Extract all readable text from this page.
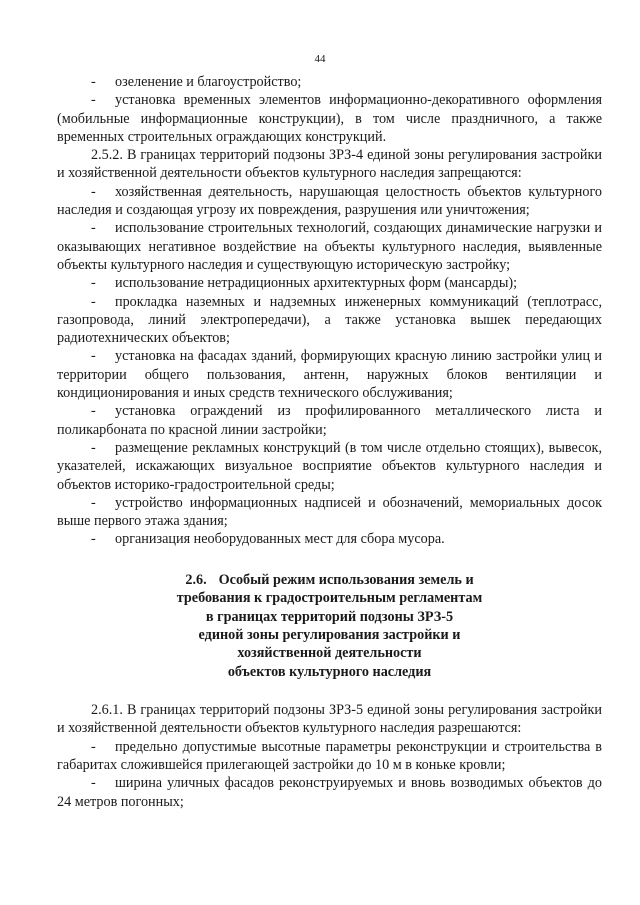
44

- озеленение и благоустройство;

- установка временных элементов информационно-декоративного оформления (мобильные информационные конструкции), в том числе праздничного, а также временных строительных ограждающих конструкций.

2.5.2. В границах территорий подзоны ЗРЗ-4 единой зоны регулирования застройки и хозяйственной деятельности объектов культурного наследия запрещаются:

- хозяйственная деятельность, нарушающая целостность объектов культурного наследия и создающая угрозу их повреждения, разрушения или уничтожения;

- использование строительных технологий, создающих динамические нагрузки и оказывающих негативное воздействие на объекты культурного наследия, выявленные объекты культурного наследия и существующую историческую застройку;

- использование нетрадиционных архитектурных форм (мансарды);

- прокладка наземных и надземных инженерных коммуникаций (теплотрасс, газопровода, линий электропередачи), а также установка вышек передающих радиотехнических объектов;

- установка на фасадах зданий, формирующих красную линию застройки улиц и территории общего пользования, антенн, наружных блоков вентиляции и кондиционирования и иных средств технического обслуживания;

- установка ограждений из профилированного металлического листа и поликарбоната по красной линии застройки;

- размещение рекламных конструкций (в том числе отдельно стоящих), вывесок, указателей, искажающих визуальное восприятие объектов культурного наследия и объектов историко-градостроительной среды;

- устройство информационных надписей и обозначений, мемориальных досок выше первого этажа здания;

- организация необорудованных мест для сбора мусора.

2.6. Особый режим использования земель и
требования к градостроительным регламентам
в границах территорий подзоны ЗРЗ-5
единой зоны регулирования застройки и
хозяйственной деятельности
объектов культурного наследия

2.6.1. В границах территорий подзоны ЗРЗ-5 единой зоны регулирования застройки и хозяйственной деятельности объектов культурного наследия разрешаются:

- предельно допустимые высотные параметры реконструкции и строительства в габаритах сложившейся прилегающей застройки до 10 м в коньке кровли;

- ширина уличных фасадов реконструируемых и вновь возводимых объектов до 24 метров погонных;
